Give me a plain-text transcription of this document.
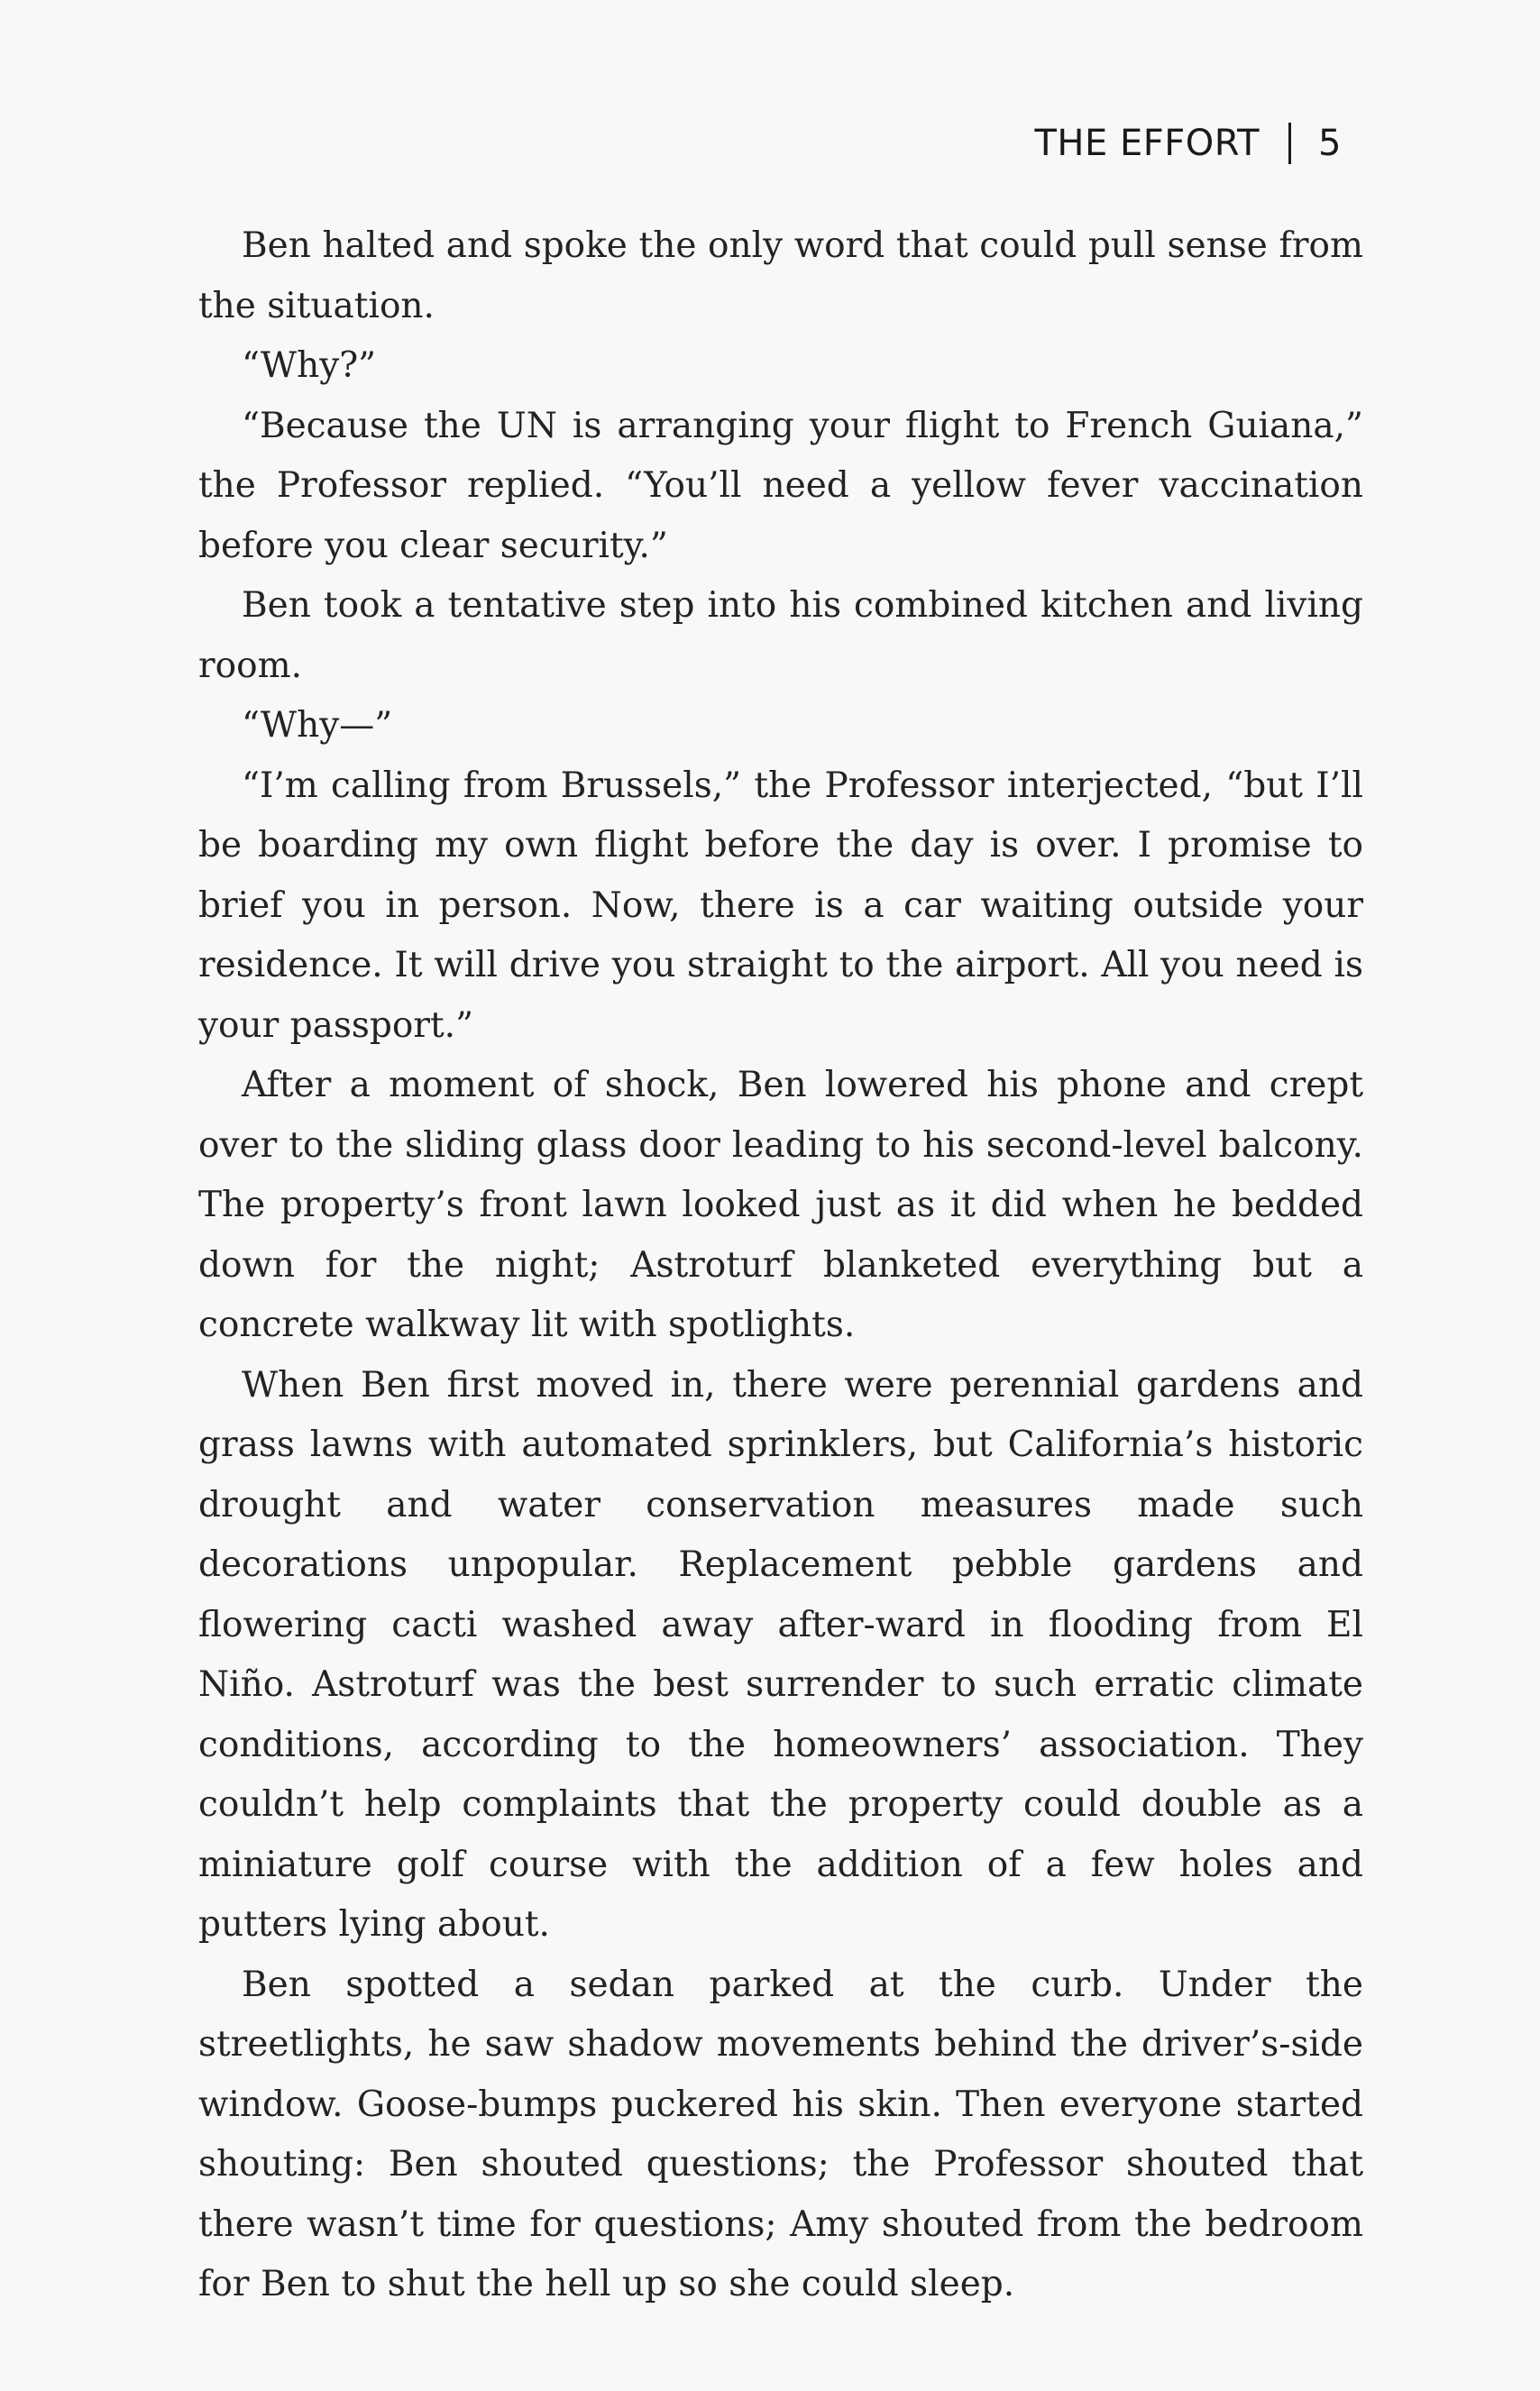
THE EFFORT 5

Ben halted and spoke the only word that could pull sense from the situation.

“Why?”

“Because the UN is arranging your flight to French Guiana,” the Professor replied. “You’ll need a yellow fever vaccination before you clear security.”

Ben took a tentative step into his combined kitchen and living room.

“Why—”

“I’m calling from Brussels,” the Professor interjected, “but I’ll be boarding my own flight before the day is over. I promise to brief you in person. Now, there is a car waiting outside your residence. It will drive you straight to the airport. All you need is your passport.”

After a moment of shock, Ben lowered his phone and crept over to the sliding glass door leading to his second-level balcony. The property’s front lawn looked just as it did when he bedded down for the night; Astroturf blanketed everything but a concrete walkway lit with spotlights.

When Ben first moved in, there were perennial gardens and grass lawns with automated sprinklers, but California’s historic drought and water conservation measures made such decorations unpopular. Replacement pebble gardens and flowering cacti washed away after-ward in flooding from El Niño. Astroturf was the best surrender to such erratic climate conditions, according to the homeowners’ association. They couldn’t help complaints that the property could double as a miniature golf course with the addition of a few holes and putters lying about.

Ben spotted a sedan parked at the curb. Under the streetlights, he saw shadow movements behind the driver’s-side window. Goose-bumps puckered his skin. Then everyone started shouting: Ben shouted questions; the Professor shouted that there wasn’t time for questions; Amy shouted from the bedroom for Ben to shut the hell up so she could sleep.
